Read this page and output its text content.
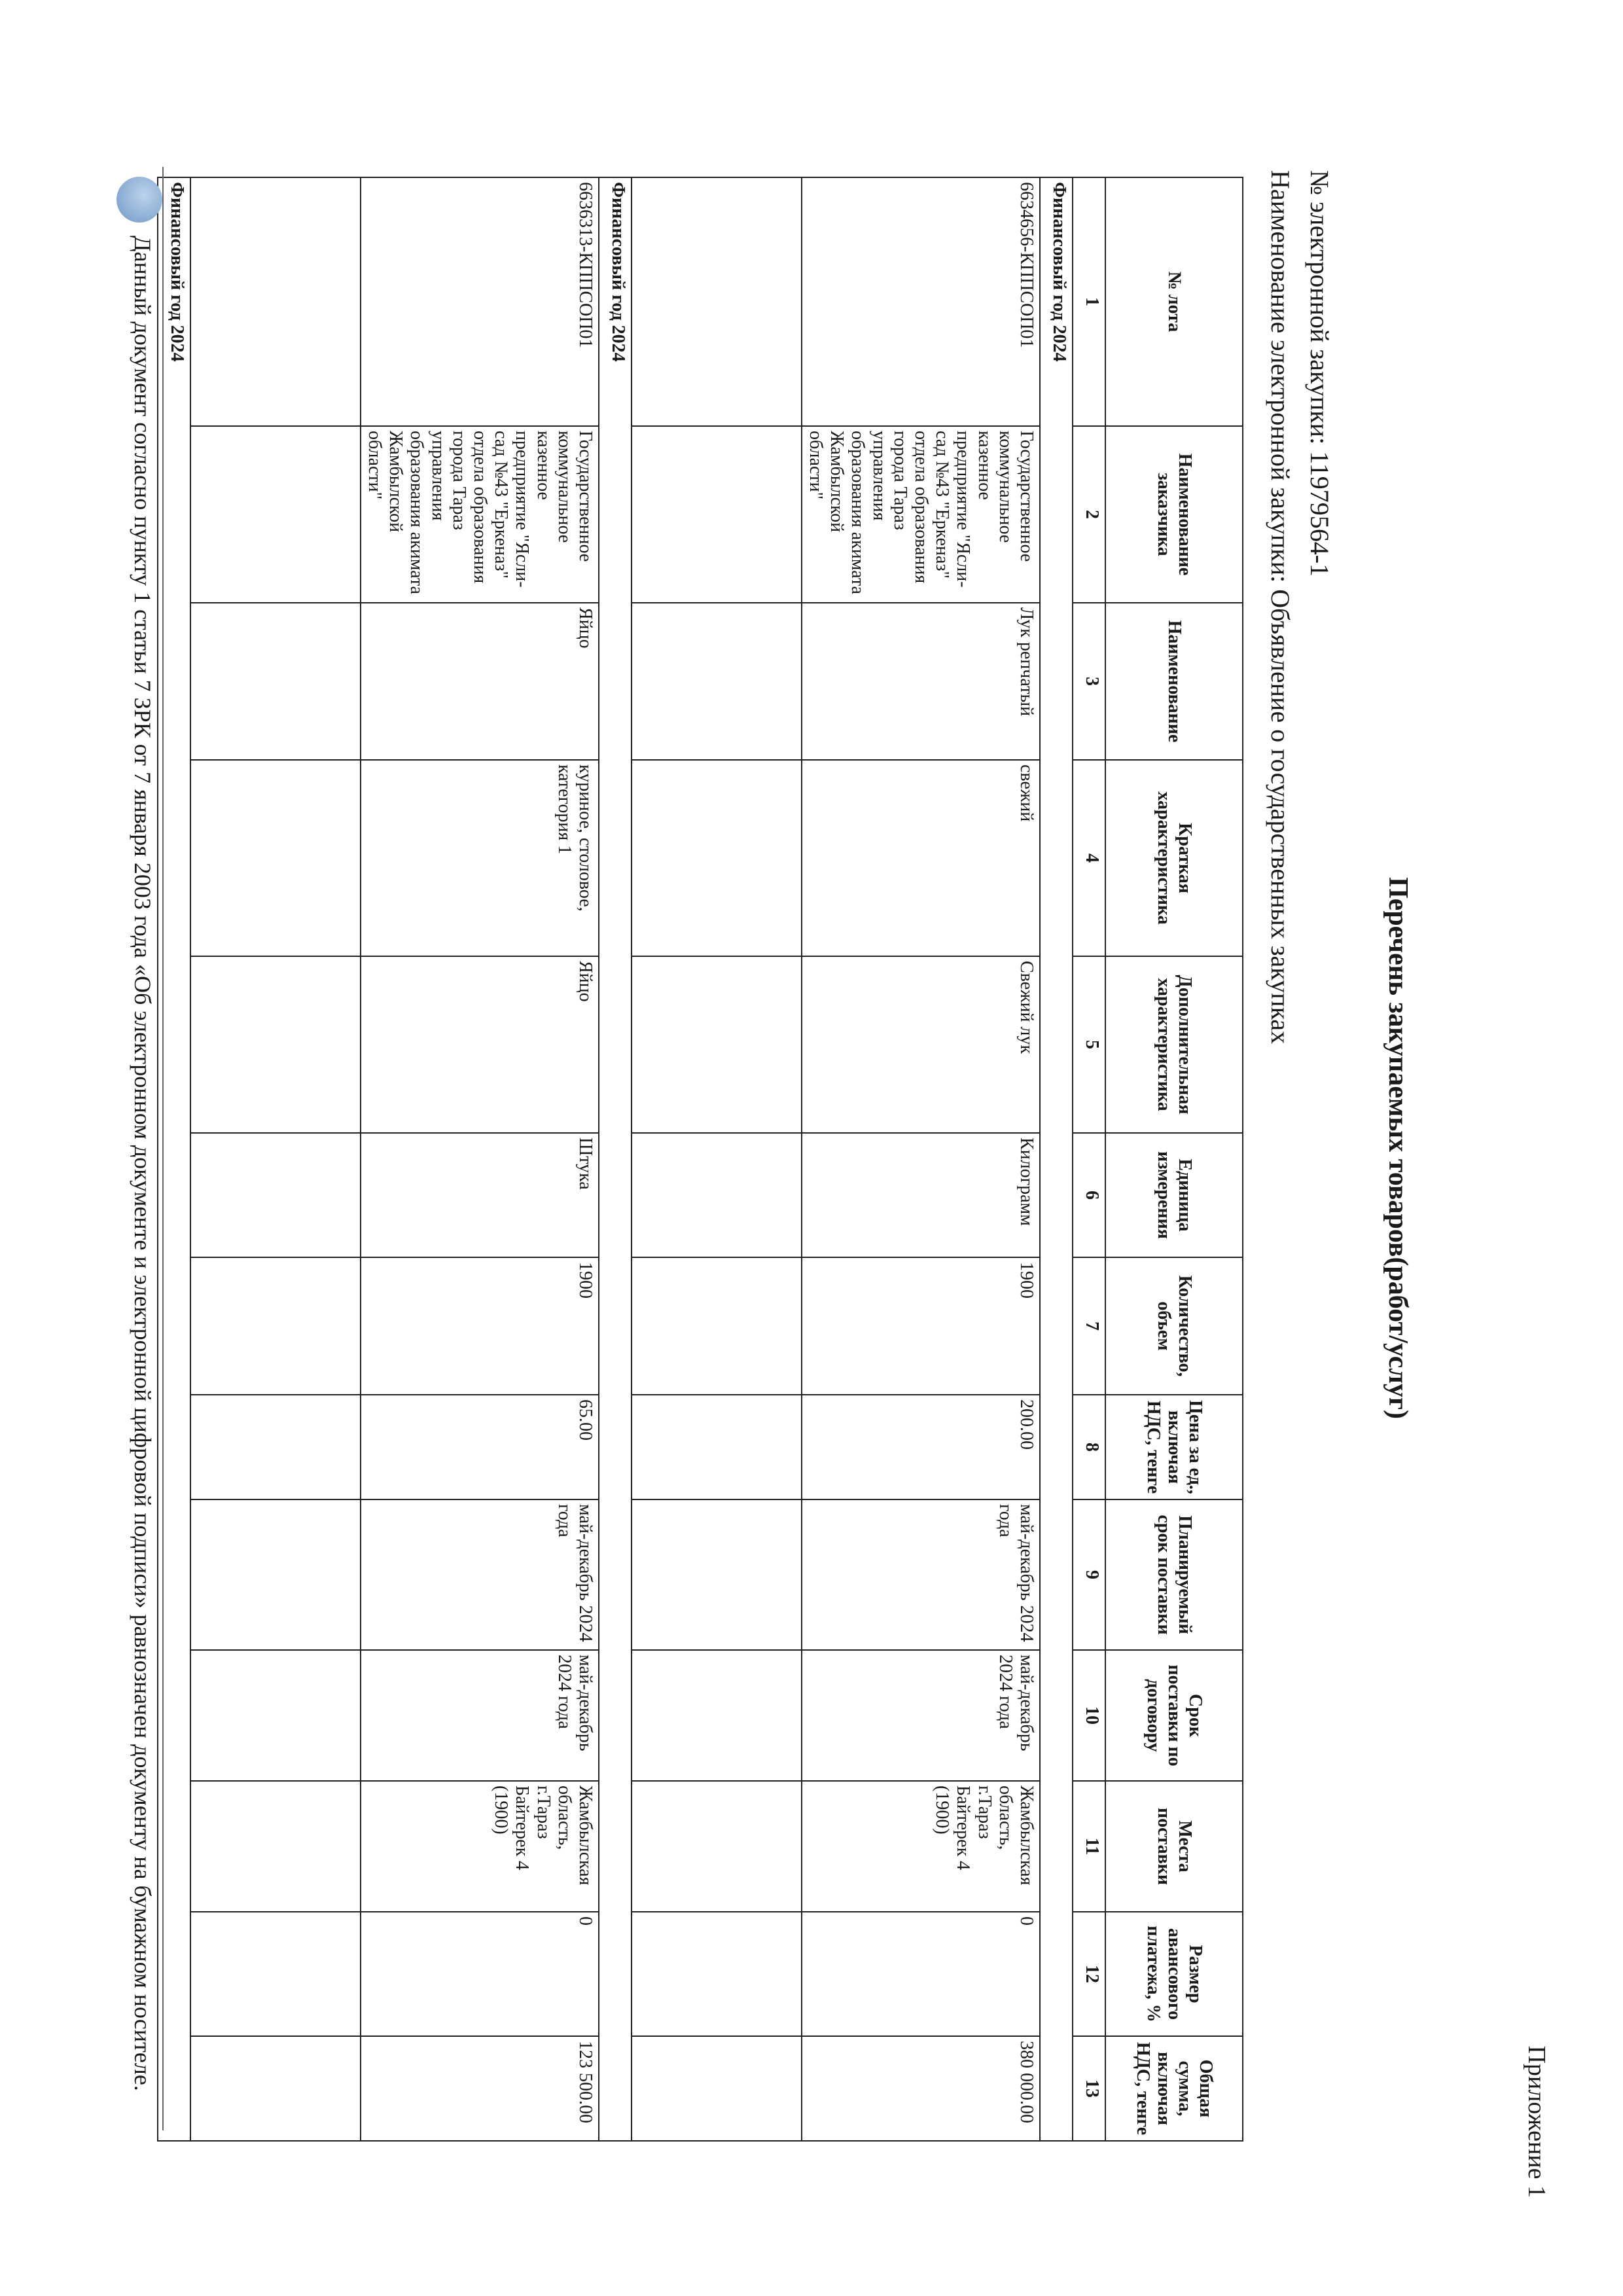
Приложение 1
Перечень закупаемых товаров(работ/услуг)
№ электронной закупки: 11979564-1
Наименование электронной закупки: Объявление о государственных закупках
№ лота	Наименование заказчика	Наименование	Краткая характеристика	Дополнительная характеристика	Единица измерения	Количество, объем	Цена за ед., включая НДС, тенге	Планируемый срок поставки	Срок поставки по договору	Места поставки	Размер авансового платежа, %	Общая сумма, включая НДС, тенге
1	2	3	4	5	6	7	8	9	10	11	12	13
Финансовый год 2024												
6634656-КППСОП01	Государственное коммунальное казенное предприятие "Ясли-сад №43 "Еркеназ" отдела образования города Тараз управления образования акимата Жамбылской области"	Лук репчатый	свежий	Свежий лук	Килограмм	1900	200.00	май-декабрь 2024 года	май-декабрь 2024 года	Жамбылская область, г.Тараз Байтерек 4 (1900)	0	380 000.00

Финансовый год 2024												
6636313-КППСОП01	Государственное коммунальное казенное предприятие "Ясли-сад №43 "Еркеназ" отдела образования города Тараз управления образования акимата Жамбылской области"	Яйцо	куриное, столовое, категория 1	Яйцо	Штука	1900	65.00	май-декабрь 2024 года	май-декабрь 2024 года	Жамбылская область, г.Тараз Байтерек 4 (1900)	0	123 500.00

Финансовый год 2024												
Данный документ согласно пункту 1 статьи 7 ЗРК от 7 января 2003 года «Об электронном документе и электронной цифровой подписи» равнозначен документу на бумажном носителе.
